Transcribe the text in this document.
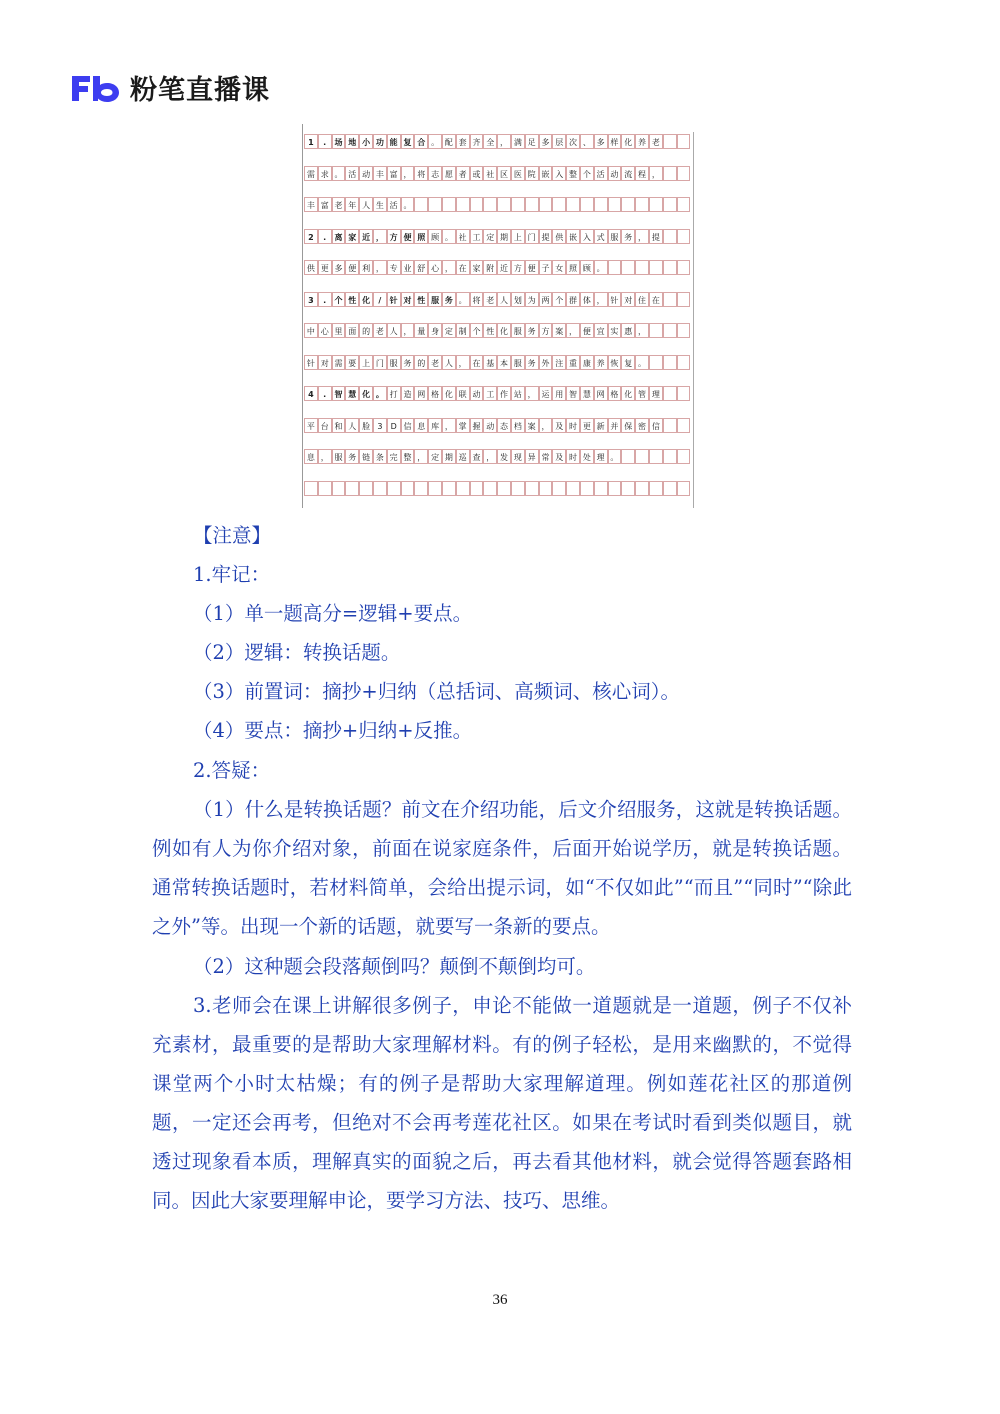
粉笔直播课
1	.	场 地 小 功 能 复 合 。 配 套 齐 全 ， 满 足 多 层 次 、 多 样 化 养 老
需 求 。 活 动 丰 富 ， 将 志 愿 者 或 社 区 医 院 嵌 入 整 个 活 动 流 程 ，
丰 富 老 年 人 生 活 。
2	.	离 家 近 ， 方 便 照 顾 。 社 工 定 期 上 门 提 供 嵌 入 式 服 务 ， 提
供 更 多 便 利 ， 专 业 舒 心 ， 在 家 附 近 方 便 子 女 照 顾 。
3	.	个 性 化	/	针 对 性 服 务 。 将 老 人 划 为 两 个 群 体 ， 针 对 住 在
中 心 里 面 的 老 人 ， 量 身 定 制 个 性 化 服 务 方 案 ， 便 宜 实 惠 ，
针 对 需 要 上 门 服 务 的 老 人 ， 在 基 本 服 务 外 注 重 康 养 恢 复 。
4	.	智 慧 化 。 打 造 网 格 化 联 动 工 作 站 ， 运 用 智 慧 网 格 化 管 理
平 台 和 人 脸 3	D 信 息 库 ， 掌 握 动 态 档 案 ， 及 时 更 新 并 保 密 信
息 ， 服 务 链 条 完 整 ， 定 期 巡 查 ， 发 现 异 常 及 时 处 理 。

【注意】

1.牢记：

（1）单一题高分=逻辑+要点。

（2）逻辑：转换话题。

（3）前置词：摘抄+归纳（总括词、高频词、核心词）。

（4）要点：摘抄+归纳+反推。

2.答疑：

（1）什么是转换话题？前文在介绍功能，后文介绍服务，这就是转换话题。例如有人为你介绍对象，前面在说家庭条件，后面开始说学历，就是转换话题。通常转换话题时，若材料简单，会给出提示词，如“不仅如此”“而且”“同时”“除此之外”等。出现一个新的话题，就要写一条新的要点。

（2）这种题会段落颠倒吗？颠倒不颠倒均可。

3.老师会在课上讲解很多例子，申论不能做一道题就是一道题，例子不仅补充素材，最重要的是帮助大家理解材料。有的例子轻松，是用来幽默的，不觉得课堂两个小时太枯燥；有的例子是帮助大家理解道理。例如莲花社区的那道例题，一定还会再考，但绝对不会再考莲花社区。如果在考试时看到类似题目，就透过现象看本质，理解真实的面貌之后，再去看其他材料，就会觉得答题套路相同。因此大家要理解申论，要学习方法、技巧、思维。

36
